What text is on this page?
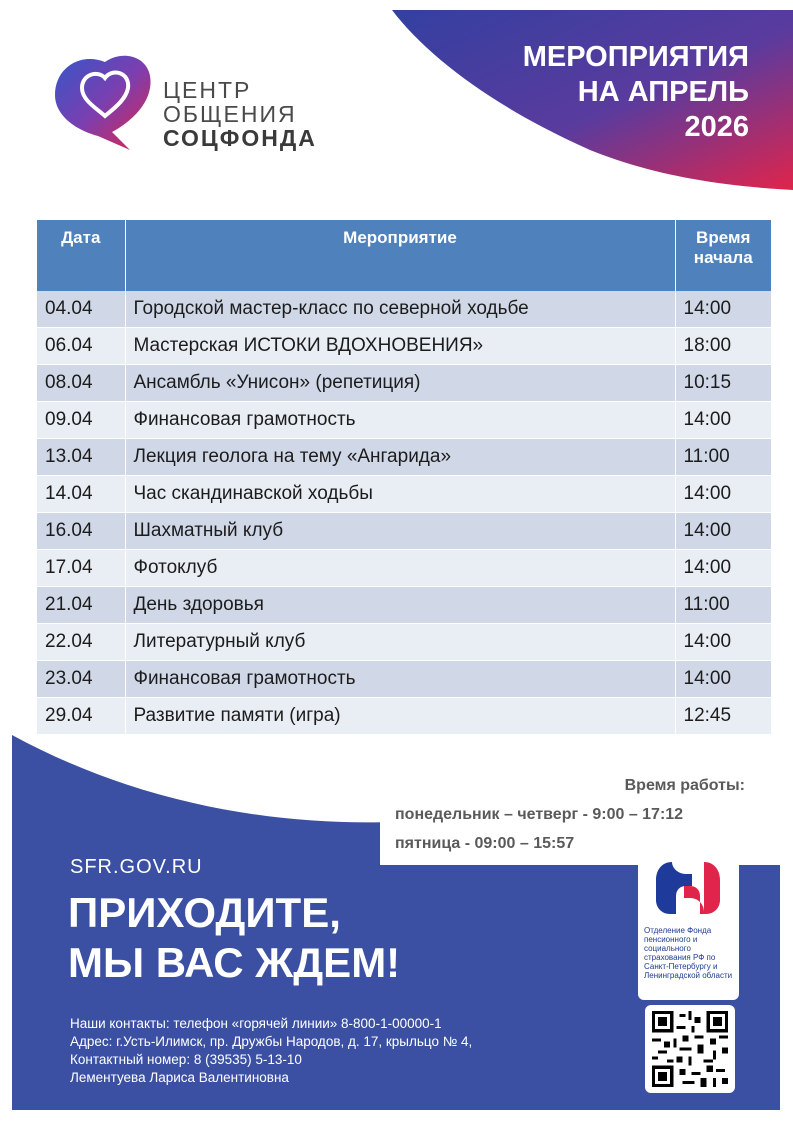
ЦЕНТР
ОБЩЕНИЯ
СОЦФОНДА
МЕРОПРИЯТИЯ
НА АПРЕЛЬ
2026
Дата	Мероприятие	Время начала
04.04	Городской мастер-класс по северной ходьбе	14:00
06.04	Мастерская ИСТОКИ ВДОХНОВЕНИЯ»	18:00
08.04	Ансамбль «Унисон» (репетиция)	10:15
09.04	Финансовая грамотность	14:00
13.04	Лекция геолога на тему «Ангарида»	11:00
14.04	Час скандинавской ходьбы	14:00
16.04	Шахматный клуб	14:00
17.04	Фотоклуб	14:00
21.04	День здоровья	11:00
22.04	Литературный клуб	14:00
23.04	Финансовая грамотность	14:00
29.04	Развитие памяти (игра)	12:45
Время работы:
понедельник – четверг - 9:00 – 17:12
пятница - 09:00 – 15:57
SFR.GOV.RU
ПРИХОДИТЕ,
МЫ ВАС ЖДЕМ!
Наши контакты: телефон «горячей линии» 8-800-1-00000-1
Адрес: г.Усть-Илимск, пр. Дружбы Народов, д. 17, крыльцо № 4,
Контактный номер: 8 (39535) 5-13-10
Лементуева Лариса Валентиновна
Отделение Фонда пенсионного и социального страхования РФ по Санкт-Петербургу и Ленинградской области
